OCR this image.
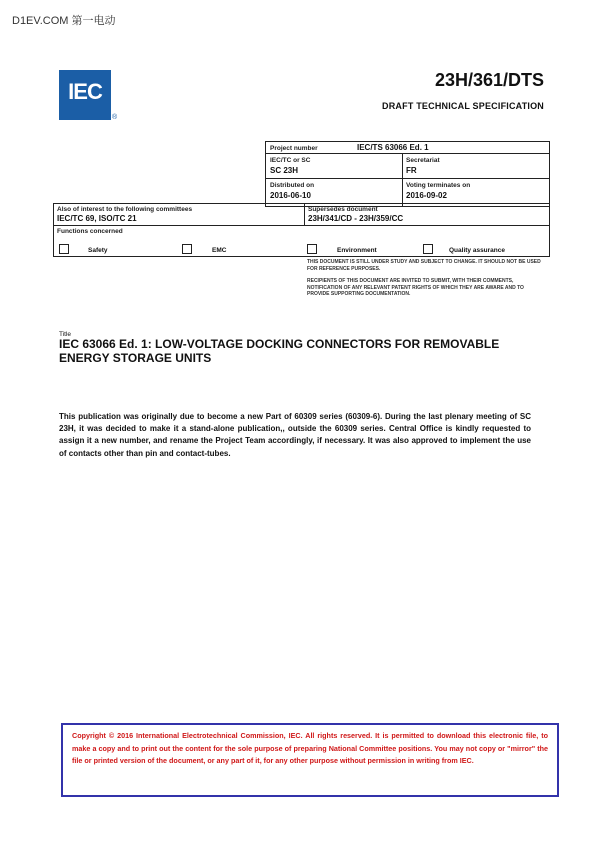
D1EV.COM 第一电动
IEC
®
23H/361/DTS
DRAFT TECHNICAL SPECIFICATION
Project number	IEC/TS 63066 Ed. 1
IEC/TC or SC
SC 23H
Secretariat
FR
Distributed on
2016-06-10
Voting terminates on
2016-09-02
Also of interest to the following committees
IEC/TC 69, ISO/TC 21
Supersedes document
23H/341/CD - 23H/359/CC
Functions concerned
Safety	EMC	Environment	Quality assurance
THIS DOCUMENT IS STILL UNDER STUDY AND SUBJECT TO CHANGE. IT SHOULD NOT BE USED FOR REFERENCE PURPOSES.
RECIPIENTS OF THIS DOCUMENT ARE INVITED TO SUBMIT, WITH THEIR COMMENTS, NOTIFICATION OF ANY RELEVANT PATENT RIGHTS OF WHICH THEY ARE AWARE AND TO PROVIDE SUPPORTING DOCUMENTATION.
Title
IEC 63066 Ed. 1: LOW-VOLTAGE DOCKING CONNECTORS FOR REMOVABLE ENERGY STORAGE UNITS
This publication was originally due to become a new Part of 60309 series (60309-6). During the last plenary meeting of SC 23H, it was decided to make it a stand-alone publication,, outside the 60309 series. Central Office is kindly requested to assign it a new number, and rename the Project Team accordingly, if necessary. It was also approved to implement the use of contacts other than pin and contact-tubes.
Copyright © 2016 International Electrotechnical Commission, IEC. All rights reserved. It is permitted to download this electronic file, to make a copy and to print out the content for the sole purpose of preparing National Committee positions. You may not copy or "mirror" the file or printed version of the document, or any part of it, for any other purpose without permission in writing from IEC.
